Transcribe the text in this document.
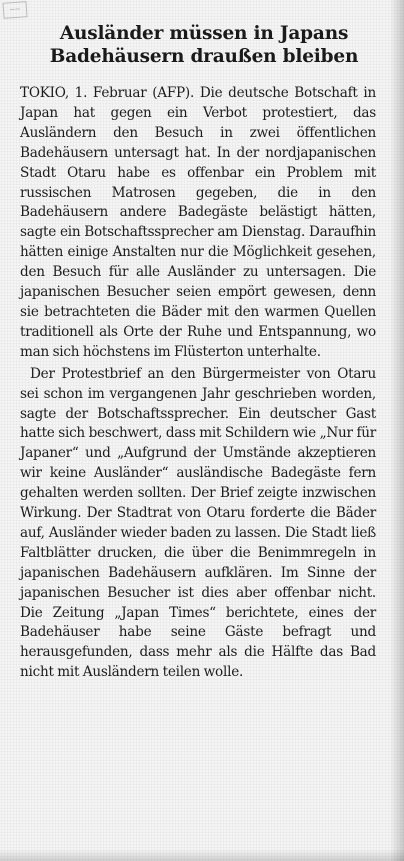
~~
Ausländer müssen in Japans
Badehäusern draußen bleiben

TOKIO, 1. Februar (AFP). Die deutsche Botschaft in Japan hat gegen ein Verbot protestiert, das Ausländern den Besuch in zwei öffentlichen Badehäusern untersagt hat. In der nordjapanischen Stadt Otaru habe es offenbar ein Problem mit russischen Matrosen gegeben, die in den Badehäusern andere Badegäste belästigt hätten, sagte ein Botschaftssprecher am Dienstag. Daraufhin hätten einige Anstalten nur die Möglichkeit gesehen, den Besuch für alle Ausländer zu untersagen. Die japanischen Besucher seien empört gewesen, denn sie betrachteten die Bäder mit den warmen Quellen traditionell als Orte der Ruhe und Entspannung, wo man sich höchstens im Flüsterton unterhalte.

Der Protestbrief an den Bürgermeister von Otaru sei schon im vergangenen Jahr geschrieben worden, sagte der Botschaftssprecher. Ein deutscher Gast hatte sich beschwert, dass mit Schildern wie „Nur für Japaner“ und „Aufgrund der Umstände akzeptieren wir keine Ausländer“ ausländische Badegäste fern gehalten werden sollten. Der Brief zeigte inzwischen Wirkung. Der Stadtrat von Otaru forderte die Bäder auf, Ausländer wieder baden zu lassen. Die Stadt ließ Faltblätter drucken, die über die Benimmregeln in japanischen Badehäusern aufklären. Im Sinne der japanischen Besucher ist dies aber offenbar nicht. Die Zeitung „Japan Times“ berichtete, eines der Badehäuser habe seine Gäste befragt und herausgefunden, dass mehr als die Hälfte das Bad nicht mit Ausländern teilen wolle.
